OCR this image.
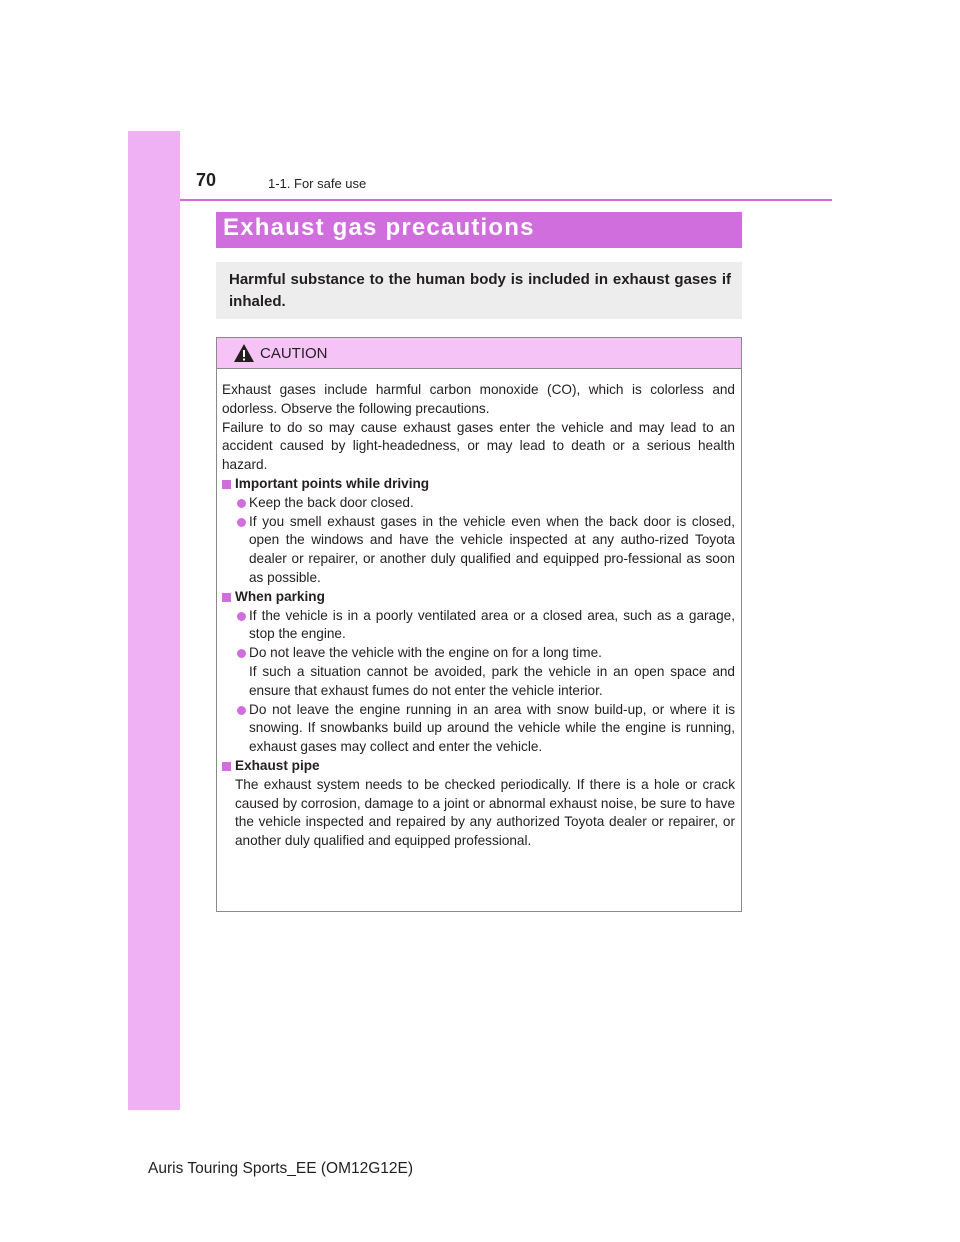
70	1-1. For safe use
Exhaust gas precautions

Harmful substance to the human body is included in exhaust gases if inhaled.

CAUTION

Exhaust gases include harmful carbon monoxide (CO), which is colorless and odorless. Observe the following precautions.

Failure to do so may cause exhaust gases enter the vehicle and may lead to an accident caused by light-headedness, or may lead to death or a serious health hazard.

Important points while driving

Keep the back door closed.

If you smell exhaust gases in the vehicle even when the back door is closed, open the windows and have the vehicle inspected at any autho-rized Toyota dealer or repairer, or another duly qualified and equipped pro-fessional as soon as possible.

When parking

If the vehicle is in a poorly ventilated area or a closed area, such as a garage, stop the engine.

Do not leave the vehicle with the engine on for a long time.
If such a situation cannot be avoided, park the vehicle in an open space and ensure that exhaust fumes do not enter the vehicle interior.

Do not leave the engine running in an area with snow build-up, or where it is snowing. If snowbanks build up around the vehicle while the engine is running, exhaust gases may collect and enter the vehicle.

Exhaust pipe

The exhaust system needs to be checked periodically. If there is a hole or crack caused by corrosion, damage to a joint or abnormal exhaust noise, be sure to have the vehicle inspected and repaired by any authorized Toyota dealer or repairer, or another duly qualified and equipped professional.

Auris Touring Sports_EE (OM12G12E)
